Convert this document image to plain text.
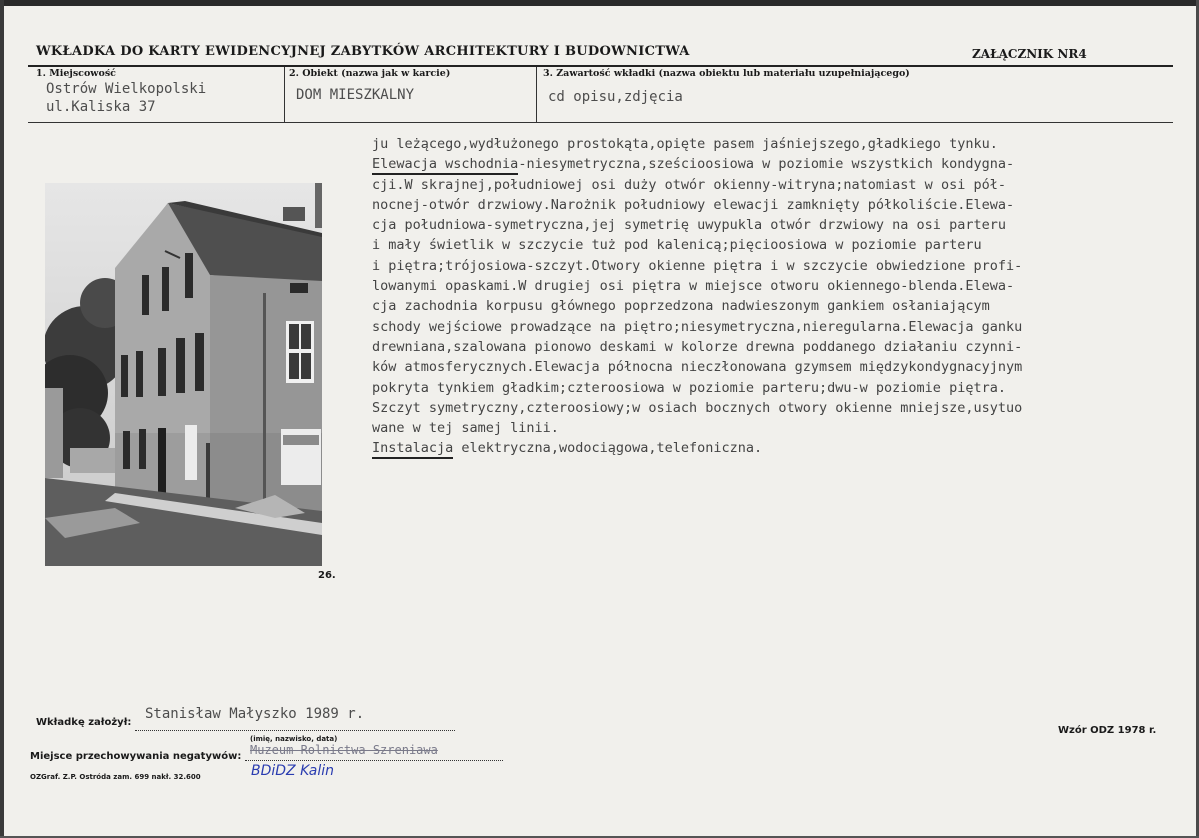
WKŁADKA DO KARTY EWIDENCYJNEJ ZABYTKÓW ARCHITEKTURY I BUDOWNICTWA	ZAŁĄCZNIK NR4
1. Miejscowość
Ostrów Wielkopolski
ul.Kaliska 37
2. Obiekt (nazwa jak w karcie)
DOM MIESZKALNY
3. Zawartość wkładki (nazwa obiektu lub materiału uzupełniającego)
cd opisu,zdjęcia
26.
ju leżącego,wydłużonego prostokąta,opięte pasem jaśniejszego,gładkiego tynku.
Elewacja wschodnia-niesymetryczna,sześcioosiowa w poziomie wszystkich kondygna-
cji.W skrajnej,południowej osi duży otwór okienny-witryna;natomiast w osi pół-
nocnej-otwór drzwiowy.Narożnik południowy elewacji zamknięty półkoliście.Elewa-
cja południowa-symetryczna,jej symetrię uwypukla otwór drzwiowy na osi parteru
i mały świetlik w szczycie tuż pod kalenicą;pięcioosiowa w poziomie parteru
i piętra;trójosiowa-szczyt.Otwory okienne piętra i w szczycie obwiedzione profi-
lowanymi opaskami.W drugiej osi piętra w miejsce otworu okiennego-blenda.Elewa-
cja zachodnia korpusu głównego poprzedzona nadwieszonym gankiem osłaniającym
schody wejściowe prowadzące na piętro;niesymetryczna,nieregularna.Elewacja ganku
drewniana,szalowana pionowo deskami w kolorze drewna poddanego działaniu czynni-
ków atmosferycznych.Elewacja północna nieczłonowana gzymsem międzykondygnacyjnym
pokryta tynkiem gładkim;czteroosiowa w poziomie parteru;dwu-w poziomie piętra.
Szczyt symetryczny,czteroosiowy;w osiach bocznych otwory okienne mniejsze,usytuo
wane w tej samej linii.
Instalacja elektryczna,wodociągowa,telefoniczna.
Wkładkę założył:
Stanisław Małyszko 1989 r.
(imię, nazwisko, data)
Miejsce przechowywania negatywów: Muzeum Rolnictwa-Szreniawa
BDiDZ Kalin
OZGraf. Z.P. Ostróda zam. 699 nakł. 32.600
Wzór ODZ 1978 r.
